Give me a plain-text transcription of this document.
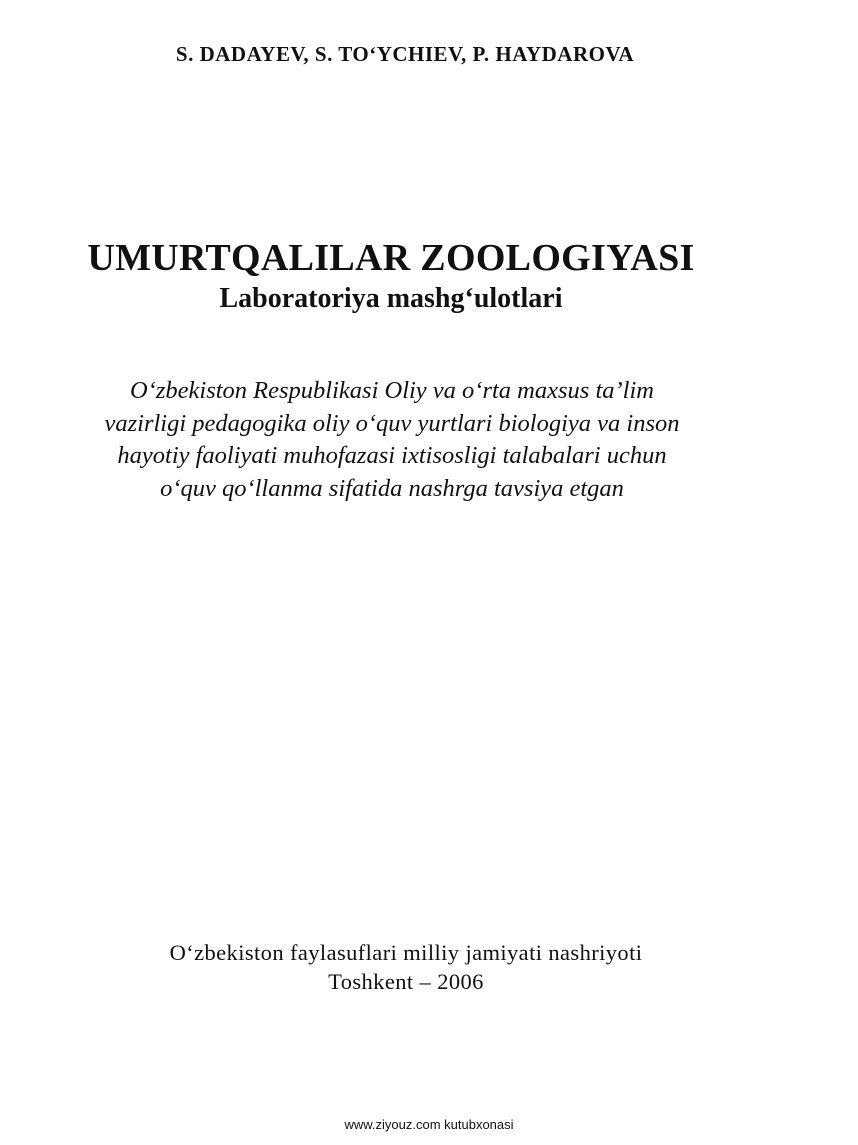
S. DADAYEV, S. TO‘YCHIEV, P. HAYDAROVA
UMURTQALILAR ZOOLOGIYASI
Laboratoriya mashg‘ulotlari
O‘zbekiston Respublikasi Oliy va o‘rta maxsus ta’lim
vazirligi pedagogika oliy o‘quv yurtlari biologiya va inson
hayotiy faoliyati muhofazasi ixtisosligi talabalari uchun
o‘quv qo‘llanma sifatida nashrga tavsiya etgan
O‘zbekiston faylasuflari milliy jamiyati nashriyoti
Toshkent – 2006
www.ziyouz.com kutubxonasi
